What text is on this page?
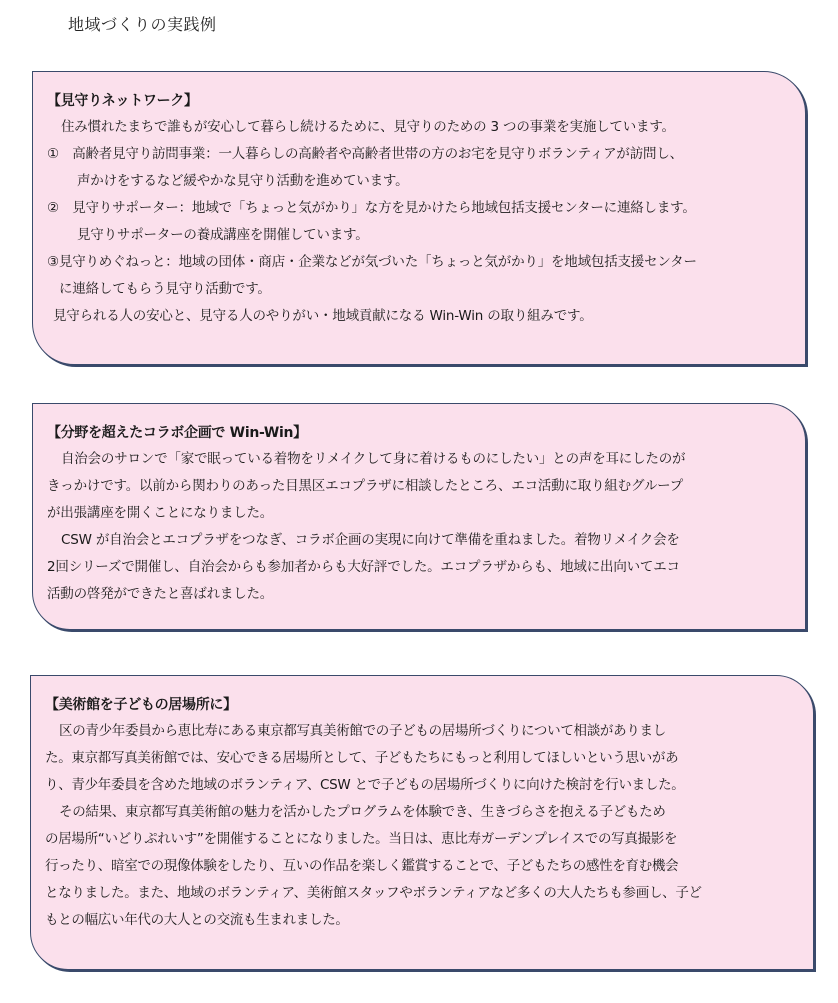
地域づくりの実践例
【見守りネットワーク】
住み慣れたまちで誰もが安心して暮らし続けるために、見守りのための 3 つの事業を実施しています。
①　高齢者見守り訪問事業：一人暮らしの高齢者や高齢者世帯の方のお宅を見守りボランティアが訪問し、
声かけをするなど緩やかな見守り活動を進めています。
②　見守りサポーター：地域で「ちょっと気がかり」な方を見かけたら地域包括支援センターに連絡します。
見守りサポーターの養成講座を開催しています。
③見守りめぐねっと：地域の団体・商店・企業などが気づいた「ちょっと気がかり」を地域包括支援センター
に連絡してもらう見守り活動です。
見守られる人の安心と、見守る人のやりがい・地域貢献になる Win-Win の取り組みです。
【分野を超えたコラボ企画で Win-Win】
自治会のサロンで「家で眠っている着物をリメイクして身に着けるものにしたい」との声を耳にしたのが
きっかけです。以前から関わりのあった目黒区エコプラザに相談したところ、エコ活動に取り組むグループ
が出張講座を開くことになりました。
CSW が自治会とエコプラザをつなぎ、コラボ企画の実現に向けて準備を重ねました。着物リメイク会を
2回シリーズで開催し、自治会からも参加者からも大好評でした。エコプラザからも、地域に出向いてエコ
活動の啓発ができたと喜ばれました。
【美術館を子どもの居場所に】
区の青少年委員から恵比寿にある東京都写真美術館での子どもの居場所づくりについて相談がありまし
た。東京都写真美術館では、安心できる居場所として、子どもたちにもっと利用してほしいという思いがあ
り、青少年委員を含めた地域のボランティア、CSW とで子どもの居場所づくりに向けた検討を行いました。
その結果、東京都写真美術館の魅力を活かしたプログラムを体験でき、生きづらさを抱える子どもため
の居場所“いどりぷれいす”を開催することになりました。当日は、恵比寿ガーデンプレイスでの写真撮影を
行ったり、暗室での現像体験をしたり、互いの作品を楽しく鑑賞することで、子どもたちの感性を育む機会
となりました。また、地域のボランティア、美術館スタッフやボランティアなど多くの大人たちも参画し、子ど
もとの幅広い年代の大人との交流も生まれました。
